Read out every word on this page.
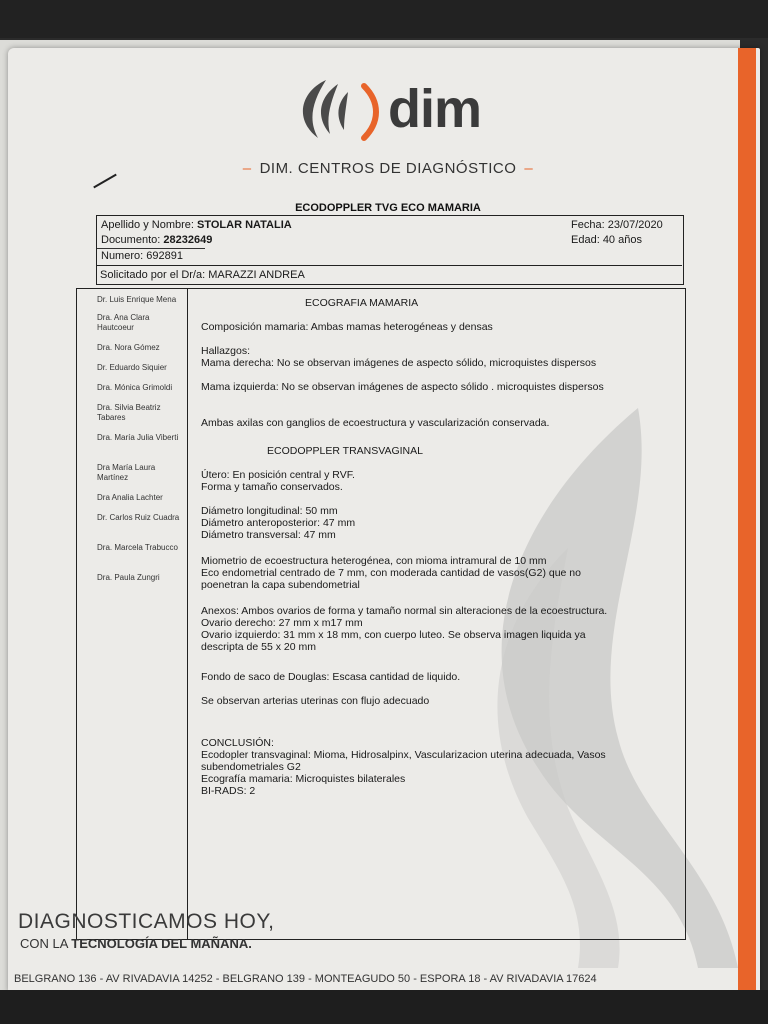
dim
– DIM. CENTROS DE DIAGNÓSTICO –
ECODOPPLER TVG ECO MAMARIA
Apellido y Nombre: STOLAR NATALIA
Documento: 28232649
Numero: 692891
Fecha: 23/07/2020
Edad: 40 años
Solicitado por el Dr/a: MARAZZI ANDREA
Dr. Luis Enrique Mena
Dra. Ana Clara Hautcoeur
Dra. Nora Gómez
Dr. Eduardo Siquier
Dra. Mónica Grimoldi
Dra. Silvia Beatriz Tabares
Dra. María Julia Viberti
Dra María Laura Martínez
Dra Analia Lachter
Dr. Carlos Ruiz Cuadra
Dra. Marcela Trabucco
Dra. Paula Zungri
ECOGRAFIA MAMARIA
Composición mamaria: Ambas mamas heterogéneas y densas
Hallazgos:
Mama derecha: No se observan imágenes de aspecto sólido, microquistes dispersos
Mama izquierda: No se observan imágenes de aspecto sólido . microquistes dispersos
Ambas axilas con ganglios de ecoestructura y vascularización conservada.
ECODOPPLER TRANSVAGINAL
Útero: En posición central y RVF.
Forma y tamaño conservados.
Diámetro longitudinal: 50 mm
Diámetro anteroposterior: 47 mm
Diámetro transversal: 47 mm
Miometrio de ecoestructura heterogénea, con mioma intramural de 10 mm
Eco endometrial centrado de 7 mm, con moderada cantidad de vasos(G2) que no
poenetran la capa subendometrial
Anexos: Ambos ovarios de forma y tamaño normal sin alteraciones de la ecoestructura.
Ovario derecho: 27 mm x m17 mm
Ovario izquierdo: 31 mm x 18 mm, con cuerpo luteo. Se observa imagen liquida ya
descripta de 55 x 20 mm
Fondo de saco de Douglas: Escasa cantidad de liquido.
Se observan arterias uterinas con flujo adecuado
CONCLUSIÓN:
Ecodopler transvaginal: Mioma, Hidrosalpinx, Vascularizacion uterina adecuada, Vasos
subendometriales G2
Ecografía mamaria: Microquistes bilaterales
BI-RADS: 2
DIAGNOSTICAMOS HOY,
CON LA TECNOLOGÍA DEL MAÑANA.
BELGRANO 136 - AV RIVADAVIA 14252 - BELGRANO 139 - MONTEAGUDO 50 - ESPORA 18 - AV RIVADAVIA 17624
